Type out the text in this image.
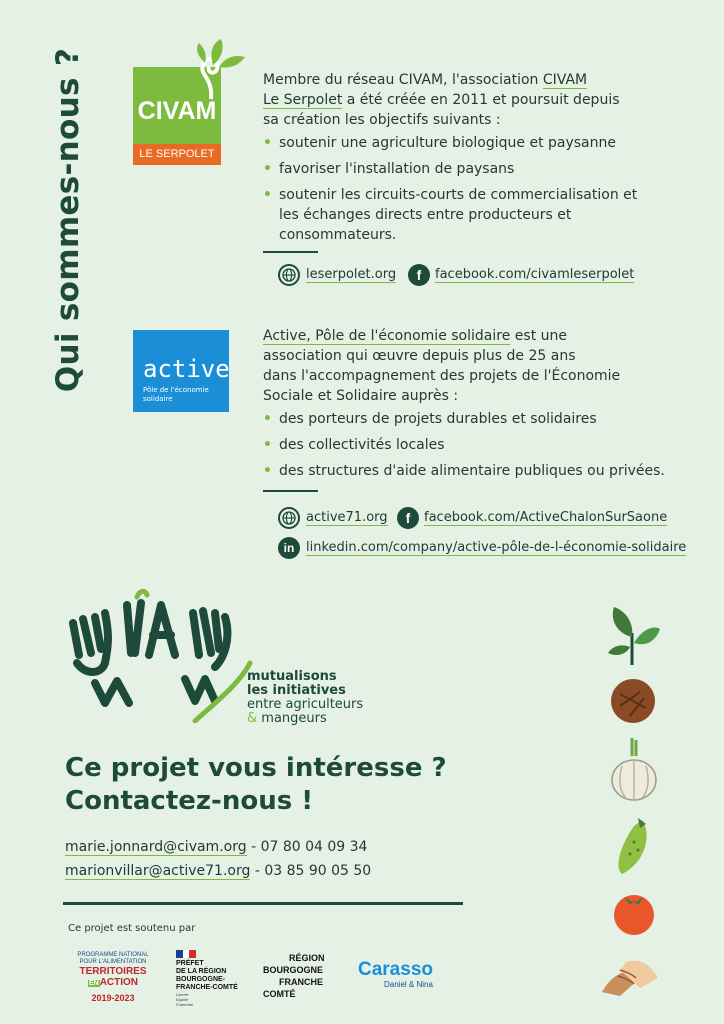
Qui sommes-nous ? CIVAM
LE SERPOLET
Membre du réseau CIVAM, l'association CIVAM
Le Serpolet a été créée en 2011 et poursuit depuis
sa création les objectifs suivants :
• soutenir une agriculture biologique et paysanne
• favoriser l'installation de paysans
• soutenir les circuits-courts de commercialisation et les échanges directs entre producteurs et consommateurs.
leserpolet.org	f	facebook.com/civamleserpolet
active
Pôle de l'économie
solidaire
Active, Pôle de l'économie solidaire est une
association qui œuvre depuis plus de 25 ans
dans l'accompagnement des projets de l'Économie
Sociale et Solidaire auprès :
• des porteurs de projets durables et solidaires
• des collectivités locales
• des structures d'aide alimentaire publiques ou privées.
active71.org	f	facebook.com/ActiveChalonSurSaone
in linkedin.com/company/active-pôle-de-l-économie-solidaire
mutualisons
les initiatives
entre agriculteurs
& mangeurs
Ce projet vous intéresse ?
Contactez-nous !
marie.jonnard@civam.org - 07 80 04 09 34
marionvillar@active71.org - 03 85 90 05 50
Ce projet est soutenu par
PROGRAMME NATIONAL
POUR L'ALIMENTATION
TERRITOIRES
ENACTION
2019-2023
PRÉFET
DE LA RÉGION
BOURGOGNE-
FRANCHE-COMTÉ
Liberté
Égalité
Fraternité
RÉGION
BOURGOGNE
FRANCHE
COMTÉ
Carasso
Daniel & Nina
